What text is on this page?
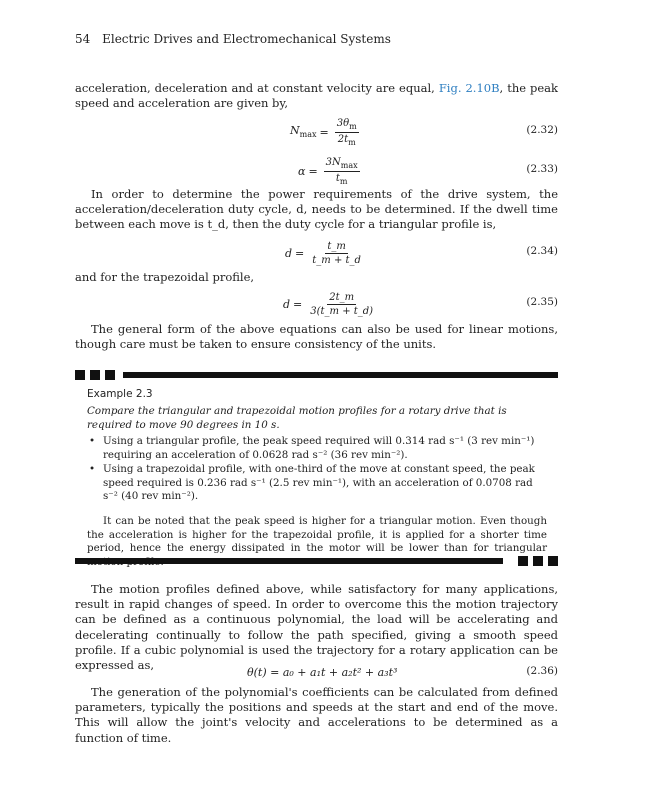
54 Electric Drives and Electromechanical Systems
acceleration, deceleration and at constant velocity are equal, Fig. 2.10B, the peak speed and acceleration are given by,
$N_{max} = \frac{3\theta_m}{2t_m}$	(2.32)
$\alpha = \frac{3N_{max}}{t_m}$	(2.33)
In order to determine the power requirements of the drive system, the acceleration/deceleration duty cycle, d, needs to be determined. If the dwell time between each move is t_d, then the duty cycle for a triangular profile is,
$d = \frac{t\_m}{t\_m + t\_d}$	(2.34)
and for the trapezoidal profile,
$d = \frac{2t\_m}{3(t\_m + t\_d)}$	(2.35)
The general form of the above equations can also be used for linear motions, though care must be taken to ensure consistency of the units.
Example 2.3
Compare the triangular and trapezoidal motion profiles for a rotary drive that is required to move 90 degrees in 10 s.
• Using a triangular profile, the peak speed required will 0.314 rad s⁻¹ (3 rev min⁻¹) requiring an acceleration of 0.0628 rad s⁻² (36 rev min⁻²).
• Using a trapezoidal profile, with one-third of the move at constant speed, the peak speed required is 0.236 rad s⁻¹ (2.5 rev min⁻¹), with an acceleration of 0.0708 rad s⁻² (40 rev min⁻²).
It can be noted that the peak speed is higher for a triangular motion. Even though the acceleration is higher for the trapezoidal profile, it is applied for a shorter time period, hence the energy dissipated in the motor will be lower than for triangular
The motion profiles defined above, while satisfactory for many applications, result in rapid changes of speed. In order to overcome this the motion trajectory can be defined as a continuous polynomial, the load will be accelerating and decelerating continually to follow the path specified, giving a smooth speed profile. If a cubic polynomial is used the trajectory for a rotary application can be expressed as,	θ(t) = a₀ + a₁t + a₂t² + a₃t³	(2.36)
The generation of the polynomial's coefficients can be calculated from defined parameters, typically the positions and speeds at the start and end of the move. This will allow the joint's velocity and accelerations to be determined as a function of time.
